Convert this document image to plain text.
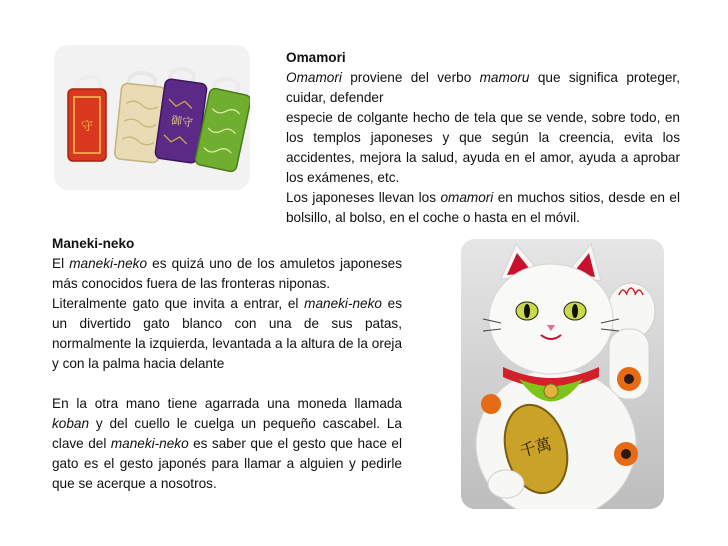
守	御守

Omamori

Omamori proviene del verbo mamoru que significa proteger, cuidar, defender

especie de colgante hecho de tela que se vende, sobre todo, en los templos japoneses y que según la creencia, evita los accidentes, mejora la salud, ayuda en el amor, ayuda a aprobar los exámenes, etc.

Los japoneses llevan los omamori en muchos sitios, desde en el bolsillo, al bolso, en el coche o hasta en el móvil.

Maneki-neko

El maneki-neko es quizá uno de los amuletos japoneses más conocidos fuera de las fronteras niponas.

Literalmente gato que invita a entrar, el maneki-neko es un divertido gato blanco con una de sus patas, normalmente la izquierda, levantada a la altura de la oreja y con la palma hacia delante

En la otra mano tiene agarrada una moneda llamada koban y del cuello le cuelga un pequeño cascabel. La clave del maneki-neko es saber que el gesto que hace el gato es el gesto japonés para llamar a alguien y pedirle que se acerque a nosotros.

千萬
